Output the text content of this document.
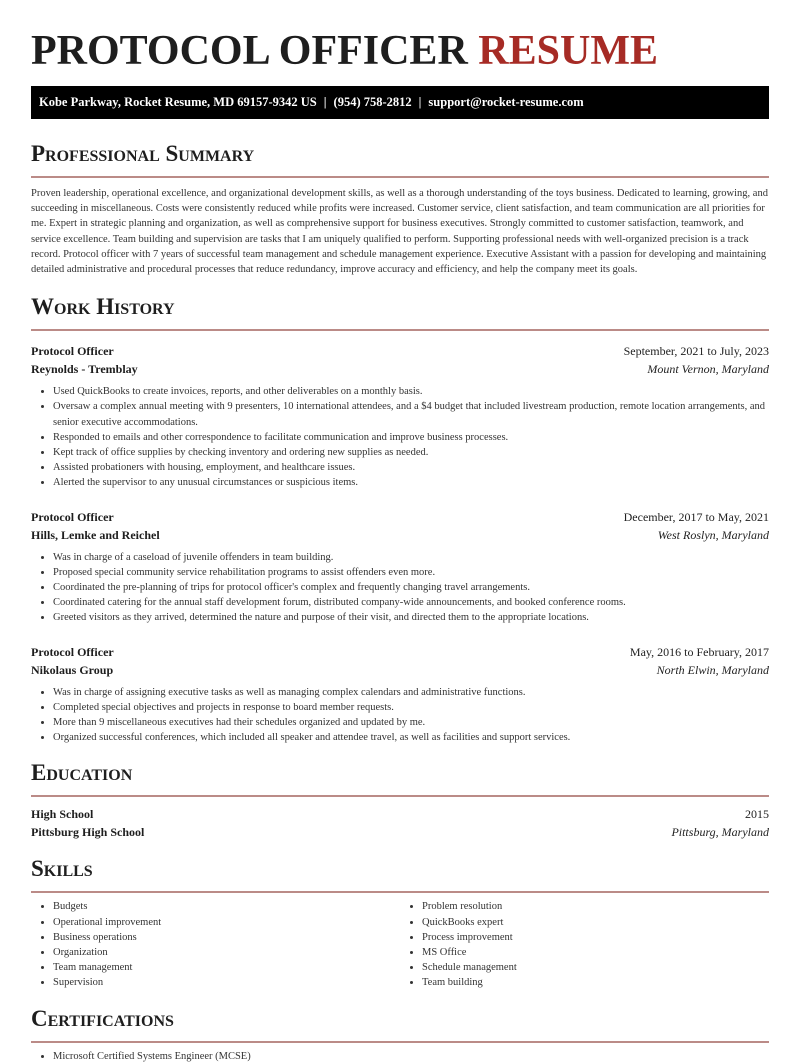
PROTOCOL OFFICER RESUME
Kobe Parkway, Rocket Resume, MD 69157-9342 US | (954) 758-2812 | support@rocket-resume.com
Professional Summary

Proven leadership, operational excellence, and organizational development skills, as well as a thorough understanding of the toys business. Dedicated to learning, growing, and succeeding in miscellaneous. Costs were consistently reduced while profits were increased. Customer service, client satisfaction, and team communication are all priorities for me. Expert in strategic planning and organization, as well as comprehensive support for business executives. Strongly committed to customer satisfaction, teamwork, and service excellence. Team building and supervision are tasks that I am uniquely qualified to perform. Supporting professional needs with well-organized precision is a track record. Protocol officer with 7 years of successful team management and schedule management experience. Executive Assistant with a passion for developing and maintaining detailed administrative and procedural processes that reduce redundancy, improve accuracy and efficiency, and help the company meet its goals.

Work History
Protocol Officer	September, 2021 to July, 2023
Reynolds - Tremblay	Mount Vernon, Maryland
• Used QuickBooks to create invoices, reports, and other deliverables on a monthly basis.
• Oversaw a complex annual meeting with 9 presenters, 10 international attendees, and a $4 budget that included livestream production, remote location arrangements, and senior executive accommodations.
• Responded to emails and other correspondence to facilitate communication and improve business processes.
• Kept track of office supplies by checking inventory and ordering new supplies as needed.
• Assisted probationers with housing, employment, and healthcare issues.
• Alerted the supervisor to any unusual circumstances or suspicious items.
Protocol Officer	December, 2017 to May, 2021
Hills, Lemke and Reichel	West Roslyn, Maryland
• Was in charge of a caseload of juvenile offenders in team building.
• Proposed special community service rehabilitation programs to assist offenders even more.
• Coordinated the pre-planning of trips for protocol officer's complex and frequently changing travel arrangements.
• Coordinated catering for the annual staff development forum, distributed company-wide announcements, and booked conference rooms.
• Greeted visitors as they arrived, determined the nature and purpose of their visit, and directed them to the appropriate locations.
Protocol Officer	May, 2016 to February, 2017
Nikolaus Group	North Elwin, Maryland
• Was in charge of assigning executive tasks as well as managing complex calendars and administrative functions.
• Completed special objectives and projects in response to board member requests.
• More than 9 miscellaneous executives had their schedules organized and updated by me.
• Organized successful conferences, which included all speaker and attendee travel, as well as facilities and support services.
Education
High School	2015
Pittsburg High School	Pittsburg, Maryland
Skills
• Budgets
• Operational improvement
• Business operations
• Organization
• Team management
• Supervision
• Problem resolution
• QuickBooks expert
• Process improvement
• MS Office
• Schedule management
• Team building
Certifications
• Microsoft Certified Systems Engineer (MCSE)
